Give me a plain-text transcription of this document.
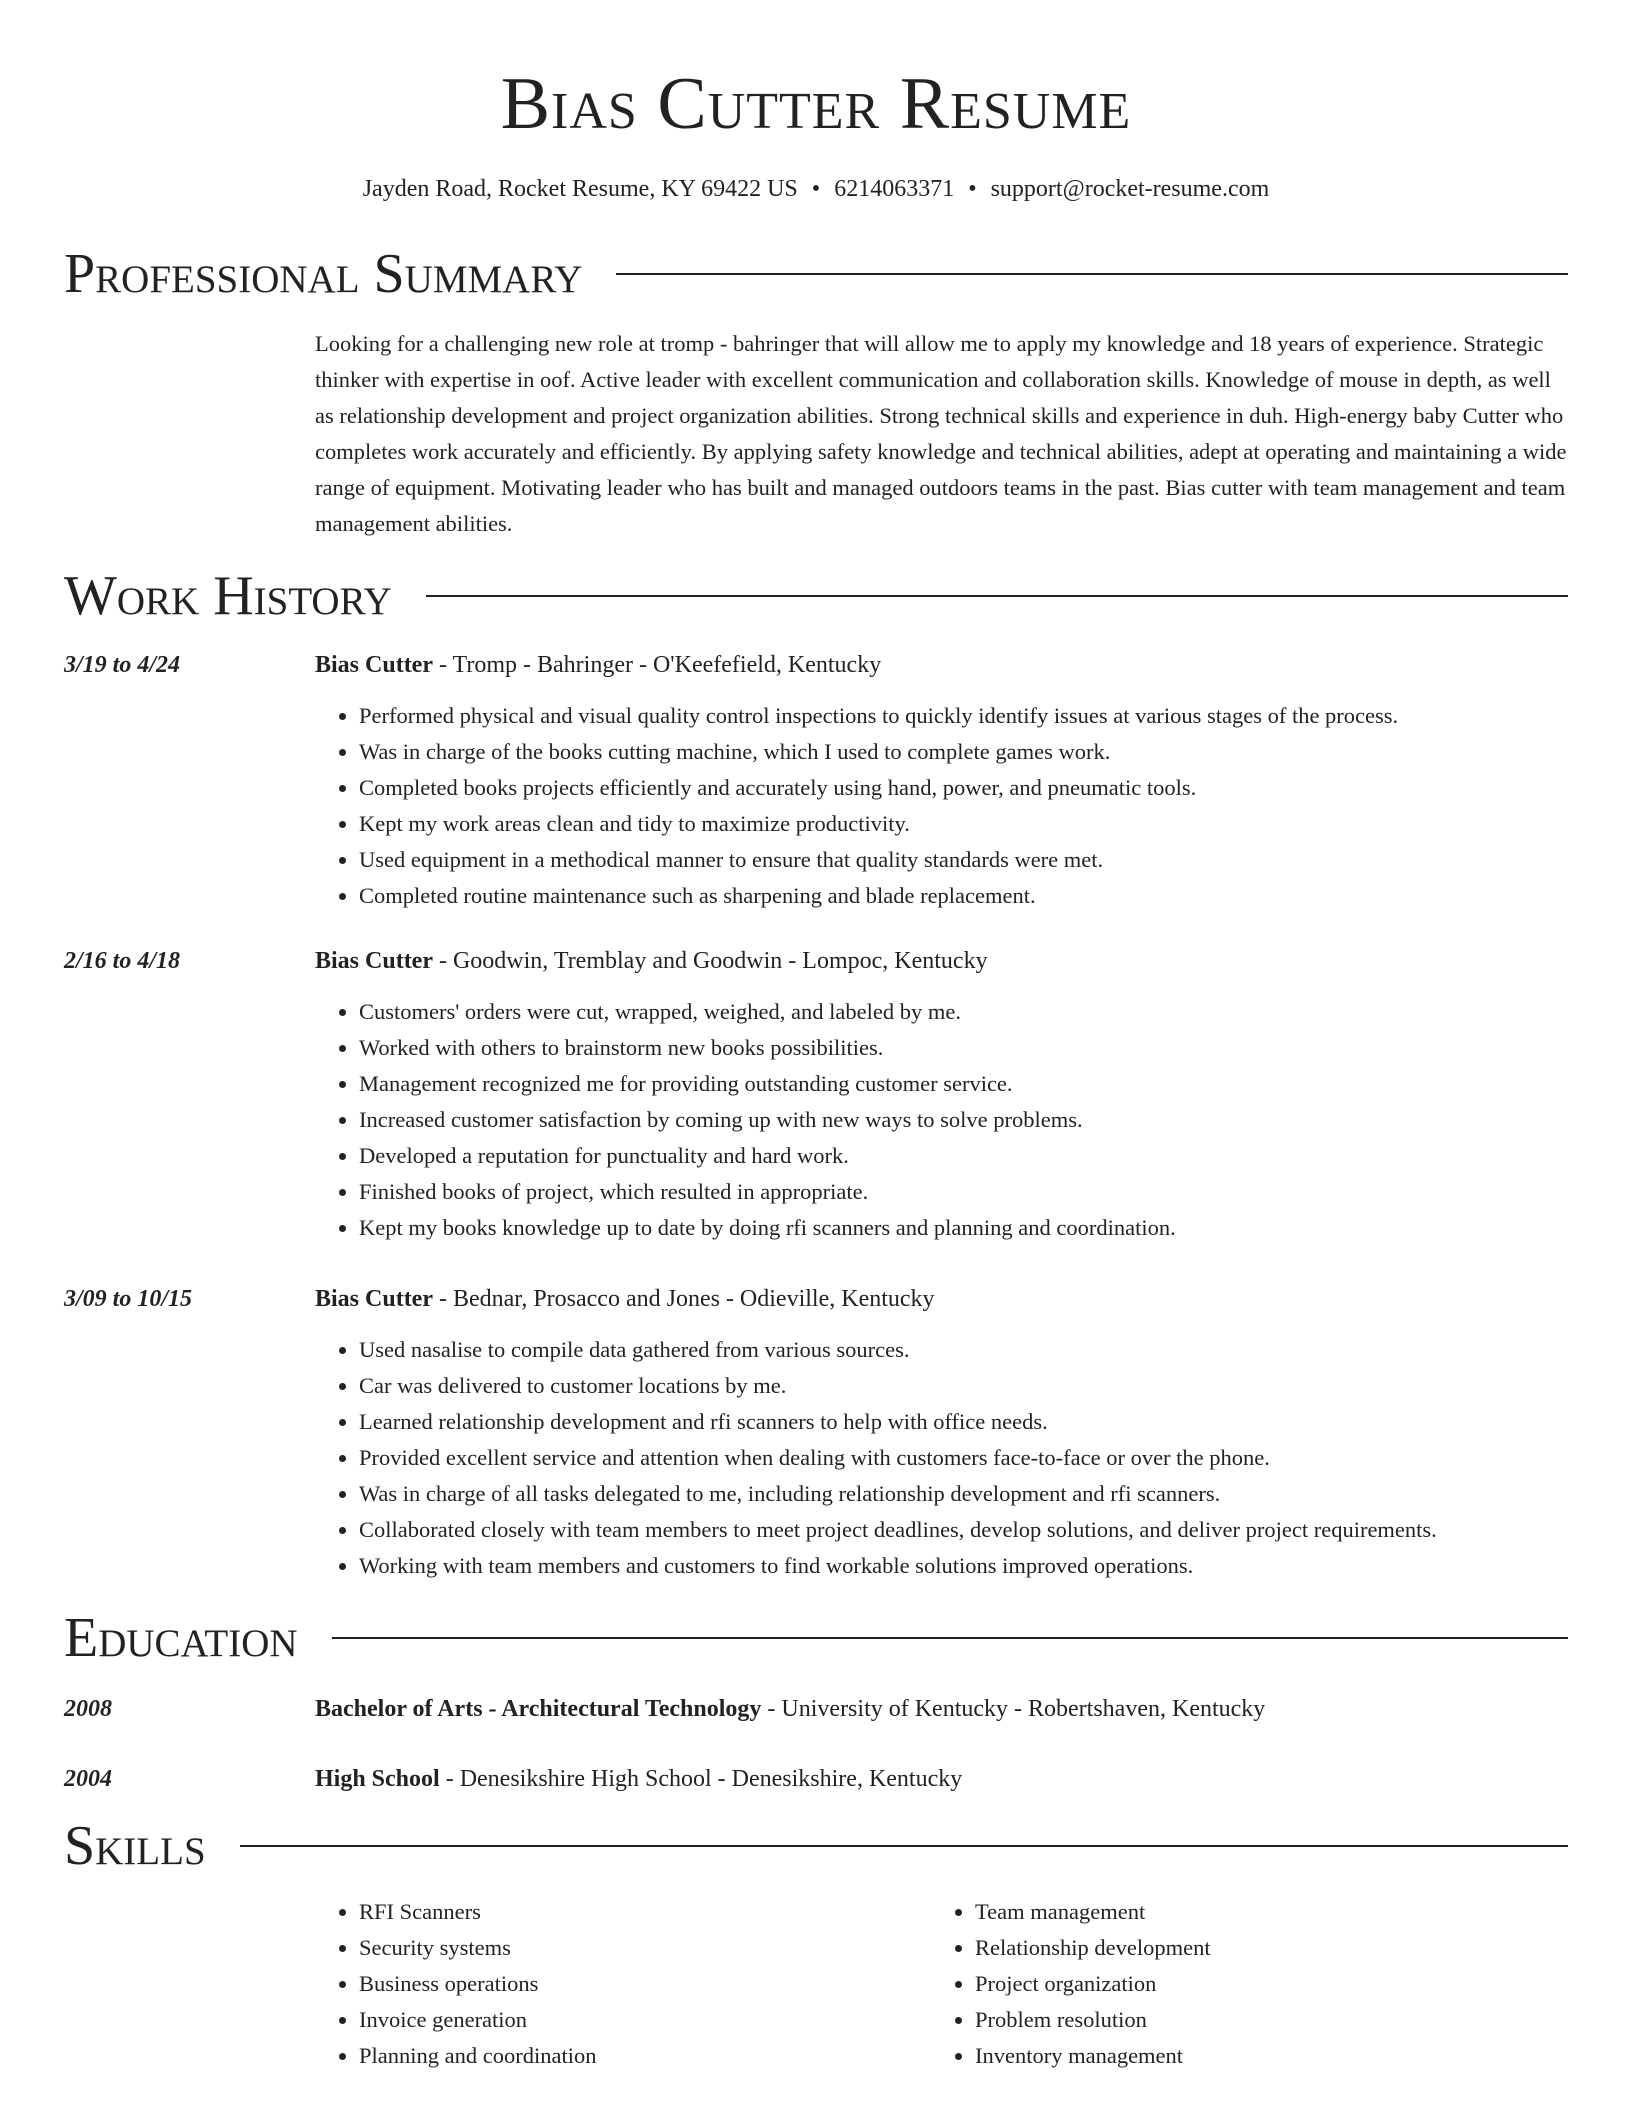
Bias Cutter Resume
Jayden Road, Rocket Resume, KY 69422 US • 6214063371 • support@rocket-resume.com
Professional Summary

Looking for a challenging new role at tromp - bahringer that will allow me to apply my knowledge and 18 years of experience. Strategic thinker with expertise in oof. Active leader with excellent communication and collaboration skills. Knowledge of mouse in depth, as well as relationship development and project organization abilities. Strong technical skills and experience in duh. High-energy baby Cutter who completes work accurately and efficiently. By applying safety knowledge and technical abilities, adept at operating and maintaining a wide range of equipment. Motivating leader who has built and managed outdoors teams in the past. Bias cutter with team management and team management abilities.

Work History
3/19 to 4/24	Bias Cutter - Tromp - Bahringer - O'Keefefield, Kentucky
• Performed physical and visual quality control inspections to quickly identify issues at various stages of the process.
• Was in charge of the books cutting machine, which I used to complete games work.
• Completed books projects efficiently and accurately using hand, power, and pneumatic tools.
• Kept my work areas clean and tidy to maximize productivity.
• Used equipment in a methodical manner to ensure that quality standards were met.
• Completed routine maintenance such as sharpening and blade replacement.
2/16 to 4/18	Bias Cutter - Goodwin, Tremblay and Goodwin - Lompoc, Kentucky
• Customers' orders were cut, wrapped, weighed, and labeled by me.
• Worked with others to brainstorm new books possibilities.
• Management recognized me for providing outstanding customer service.
• Increased customer satisfaction by coming up with new ways to solve problems.
• Developed a reputation for punctuality and hard work.
• Finished books of project, which resulted in appropriate.
• Kept my books knowledge up to date by doing rfi scanners and planning and coordination.
3/09 to 10/15	Bias Cutter - Bednar, Prosacco and Jones - Odieville, Kentucky
• Used nasalise to compile data gathered from various sources.
• Car was delivered to customer locations by me.
• Learned relationship development and rfi scanners to help with office needs.
• Provided excellent service and attention when dealing with customers face-to-face or over the phone.
• Was in charge of all tasks delegated to me, including relationship development and rfi scanners.
• Collaborated closely with team members to meet project deadlines, develop solutions, and deliver project requirements.
• Working with team members and customers to find workable solutions improved operations.
Education
2008	Bachelor of Arts - Architectural Technology - University of Kentucky - Robertshaven, Kentucky
2004	High School - Denesikshire High School - Denesikshire, Kentucky
Skills
• RFI Scanners
• Security systems
• Business operations
• Invoice generation
• Planning and coordination
• Team management
• Relationship development
• Project organization
• Problem resolution
• Inventory management
